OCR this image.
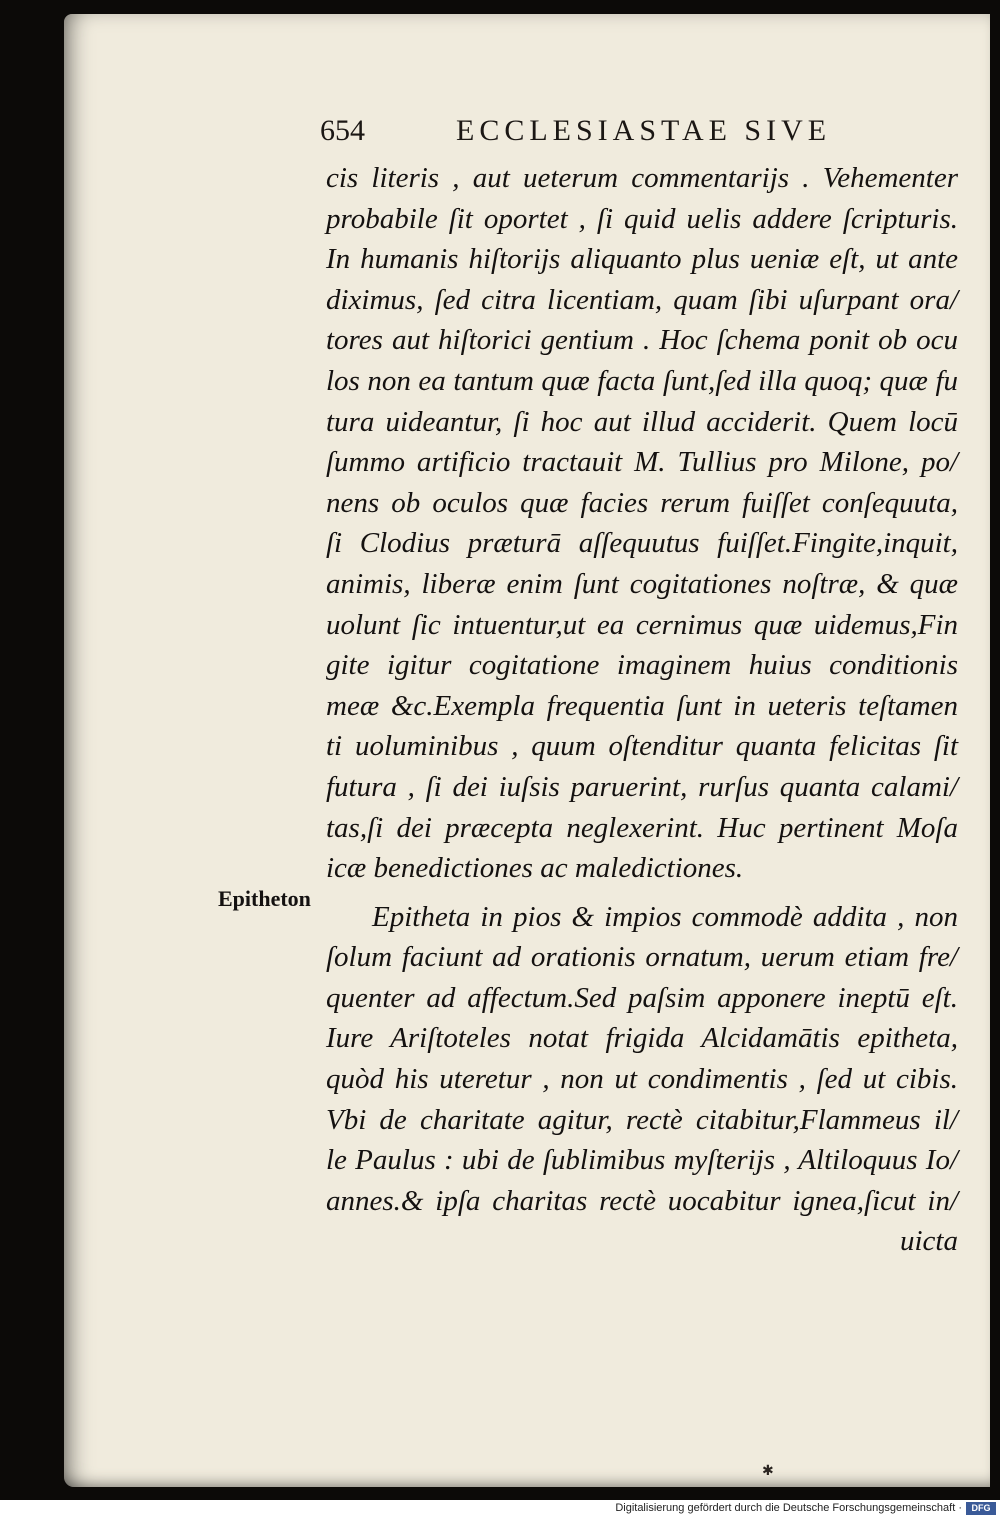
654	ECCLESIASTAE SIVE
Epitheton
cis literis , aut ueterum commentarijs . Vehementer
probabile ſit oportet , ſi quid uelis addere ſcripturis.
In humanis hiſtorijs aliquanto plus ueniæ eſt, ut ante
diximus, ſed citra licentiam, quam ſibi uſurpant ora/
tores aut hiſtorici gentium . Hoc ſchema ponit ob ocu
los non ea tantum quæ facta ſunt,ſed illa quoq; quæ fu
tura uideantur, ſi hoc aut illud acciderit. Quem locū
ſummo artificio tractauit M. Tullius pro Milone, po/
nens ob oculos quæ facies rerum fuiſſet conſequuta,
ſi Clodius præturā aſſequutus fuiſſet.Fingite,inquit,
animis, liberæ enim ſunt cogitationes noſtræ, & quæ
uolunt ſic intuentur,ut ea cernimus quæ uidemus,Fin
gite igitur cogitatione imaginem huius conditionis
meæ &c.Exempla frequentia ſunt in ueteris teſtamen
ti uoluminibus , quum oſtenditur quanta felicitas ſit
futura , ſi dei iuſsis paruerint, rurſus quanta calami/
tas,ſi dei præcepta neglexerint. Huc pertinent Moſa
icæ benedictiones ac maledictiones.
Epitheta in pios & impios commodè addita , non
ſolum faciunt ad orationis ornatum, uerum etiam fre/
quenter ad affectum.Sed paſsim apponere ineptū eſt.
Iure Ariſtoteles notat frigida Alcidamātis epitheta,
quòd his uteretur , non ut condimentis , ſed ut cibis.
Vbi de charitate agitur, rectè citabitur,Flammeus il/
le Paulus : ubi de ſublimibus myſterijs , Altiloquus Io/
annes.& ipſa charitas rectè uocabitur ignea,ſicut in/
uicta
✱
Digitalisierung gefördert durch die Deutsche Forschungsgemeinschaft ·	DFG
